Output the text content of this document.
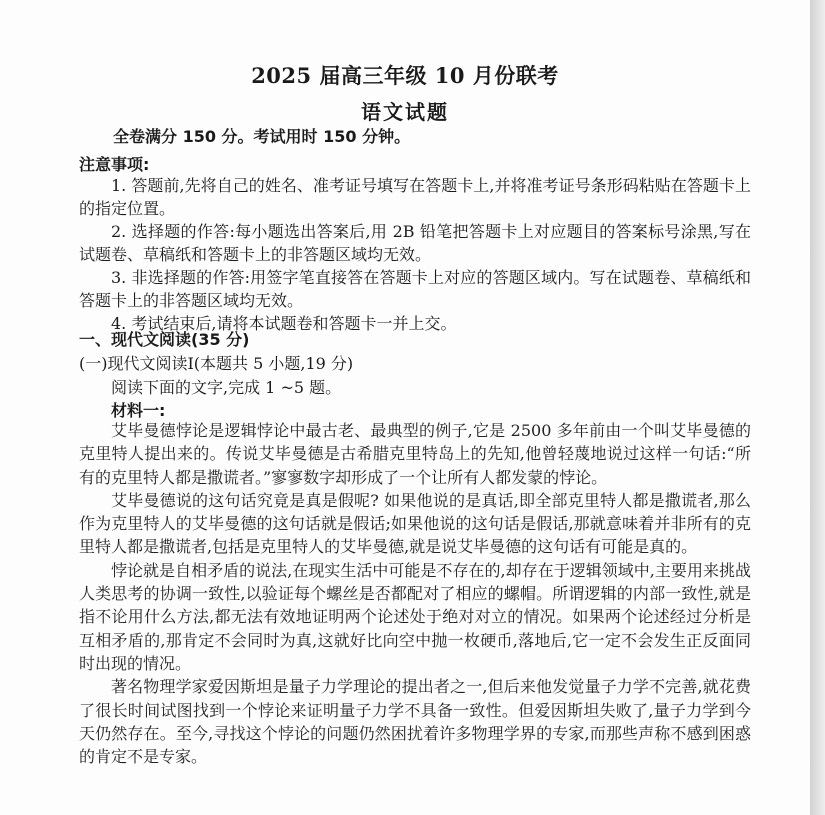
2025 届高三年级 10 月份联考
语文试题
全卷满分 150 分。考试用时 150 分钟。
注意事项:
1. 答题前,先将自己的姓名、准考证号填写在答题卡上,并将准考证号条形码粘贴在答题卡上的指定位置。
2. 选择题的作答:每小题选出答案后,用 2B 铅笔把答题卡上对应题目的答案标号涂黑,写在试题卷、草稿纸和答题卡上的非答题区域均无效。
3. 非选择题的作答:用签字笔直接答在答题卡上对应的答题区域内。写在试题卷、草稿纸和答题卡上的非答题区域均无效。
4. 考试结束后,请将本试题卷和答题卡一并上交。
一、现代文阅读(35 分)
(一)现代文阅读Ⅰ(本题共 5 小题,19 分)
阅读下面的文字,完成 1 ~5 题。
材料一:

艾毕曼德悖论是逻辑悖论中最古老、最典型的例子,它是 2500 多年前由一个叫艾毕曼德的克里特人提出来的。传说艾毕曼德是古希腊克里特岛上的先知,他曾轻蔑地说过这样一句话:“所有的克里特人都是撒谎者。”寥寥数字却形成了一个让所有人都发蒙的悖论。

艾毕曼德说的这句话究竟是真是假呢? 如果他说的是真话,即全部克里特人都是撒谎者,那么作为克里特人的艾毕曼德的这句话就是假话;如果他说的这句话是假话,那就意味着并非所有的克里特人都是撒谎者,包括是克里特人的艾毕曼德,就是说艾毕曼德的这句话有可能是真的。

悖论就是自相矛盾的说法,在现实生活中可能是不存在的,却存在于逻辑领域中,主要用来挑战人类思考的协调一致性,以验证每个螺丝是否都配对了相应的螺帽。所谓逻辑的内部一致性,就是指不论用什么方法,都无法有效地证明两个论述处于绝对对立的情况。如果两个论述经过分析是互相矛盾的,那肯定不会同时为真,这就好比向空中抛一枚硬币,落地后,它一定不会发生正反面同时出现的情况。

著名物理学家爱因斯坦是量子力学理论的提出者之一,但后来他发觉量子力学不完善,就花费了很长时间试图找到一个悖论来证明量子力学不具备一致性。但爱因斯坦失败了,量子力学到今天仍然存在。至今,寻找这个悖论的问题仍然困扰着许多物理学界的专家,而那些声称不感到困惑的肯定不是专家。
